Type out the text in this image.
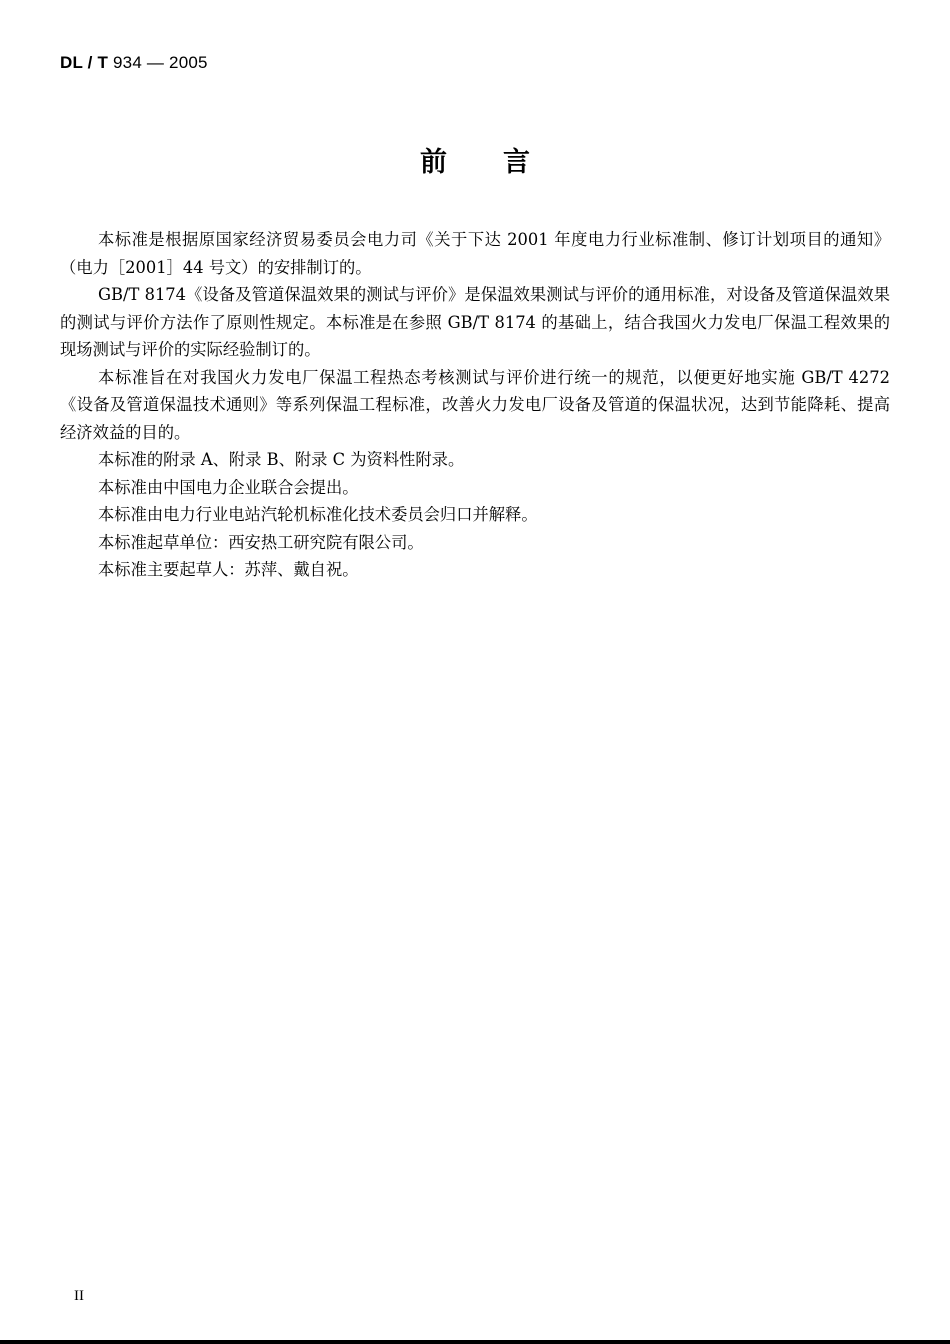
DL / T 934 — 2005
前言

本标准是根据原国家经济贸易委员会电力司《关于下达 2001 年度电力行业标准制、修订计划项目的通知》（电力［2001］44 号文）的安排制订的。

GB/T 8174《设备及管道保温效果的测试与评价》是保温效果测试与评价的通用标准，对设备及管道保温效果的测试与评价方法作了原则性规定。本标准是在参照 GB/T 8174 的基础上，结合我国火力发电厂保温工程效果的现场测试与评价的实际经验制订的。

本标准旨在对我国火力发电厂保温工程热态考核测试与评价进行统一的规范，以便更好地实施 GB/T 4272《设备及管道保温技术通则》等系列保温工程标准，改善火力发电厂设备及管道的保温状况，达到节能降耗、提高经济效益的目的。

本标准的附录 A、附录 B、附录 C 为资料性附录。

本标准由中国电力企业联合会提出。

本标准由电力行业电站汽轮机标准化技术委员会归口并解释。

本标准起草单位：西安热工研究院有限公司。

本标准主要起草人：苏萍、戴自祝。

II
